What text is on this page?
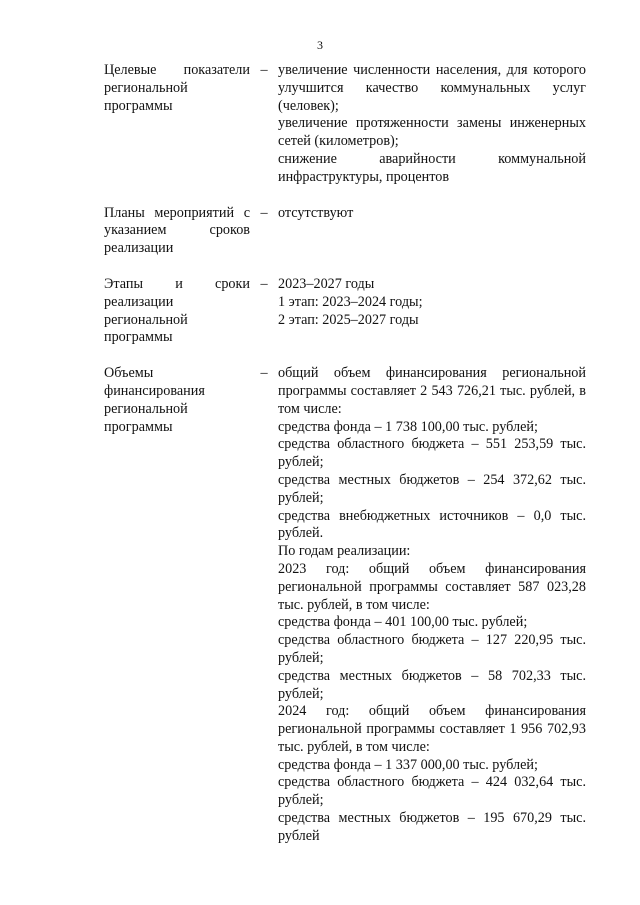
3
Целевые показатели региональной программы
– увеличение численности населения, для которого улучшится качество коммунальных услуг (человек);

увеличение протяженности замены инженерных сетей (километров);

снижение аварийности коммунальной инфраструктуры, процентов

Планы мероприятий с указанием сроков реализации
– отсутствуют

Этапы и сроки реализации региональной программы
– 2023–2027 годы

1 этап: 2023–2024 годы;

2 этап: 2025–2027 годы

Объемы финансирования региональной программы
– общий объем финансирования региональной программы составляет 2 543 726,21 тыс. рублей, в том числе:

средства фонда – 1 738 100,00 тыс. рублей;

средства областного бюджета – 551 253,59 тыс. рублей;

средства местных бюджетов – 254 372,62 тыс. рублей;

средства внебюджетных источников – 0,0 тыс. рублей.

По годам реализации:

2023 год: общий объем финансирования региональной программы составляет 587 023,28 тыс. рублей, в том числе:

средства фонда – 401 100,00 тыс. рублей;

средства областного бюджета – 127 220,95 тыс. рублей;

средства местных бюджетов – 58 702,33 тыс. рублей;

2024 год: общий объем финансирования региональной программы составляет 1 956 702,93 тыс. рублей, в том числе:

средства фонда – 1 337 000,00 тыс. рублей;

средства областного бюджета – 424 032,64 тыс. рублей;

средства местных бюджетов – 195 670,29 тыс. рублей
